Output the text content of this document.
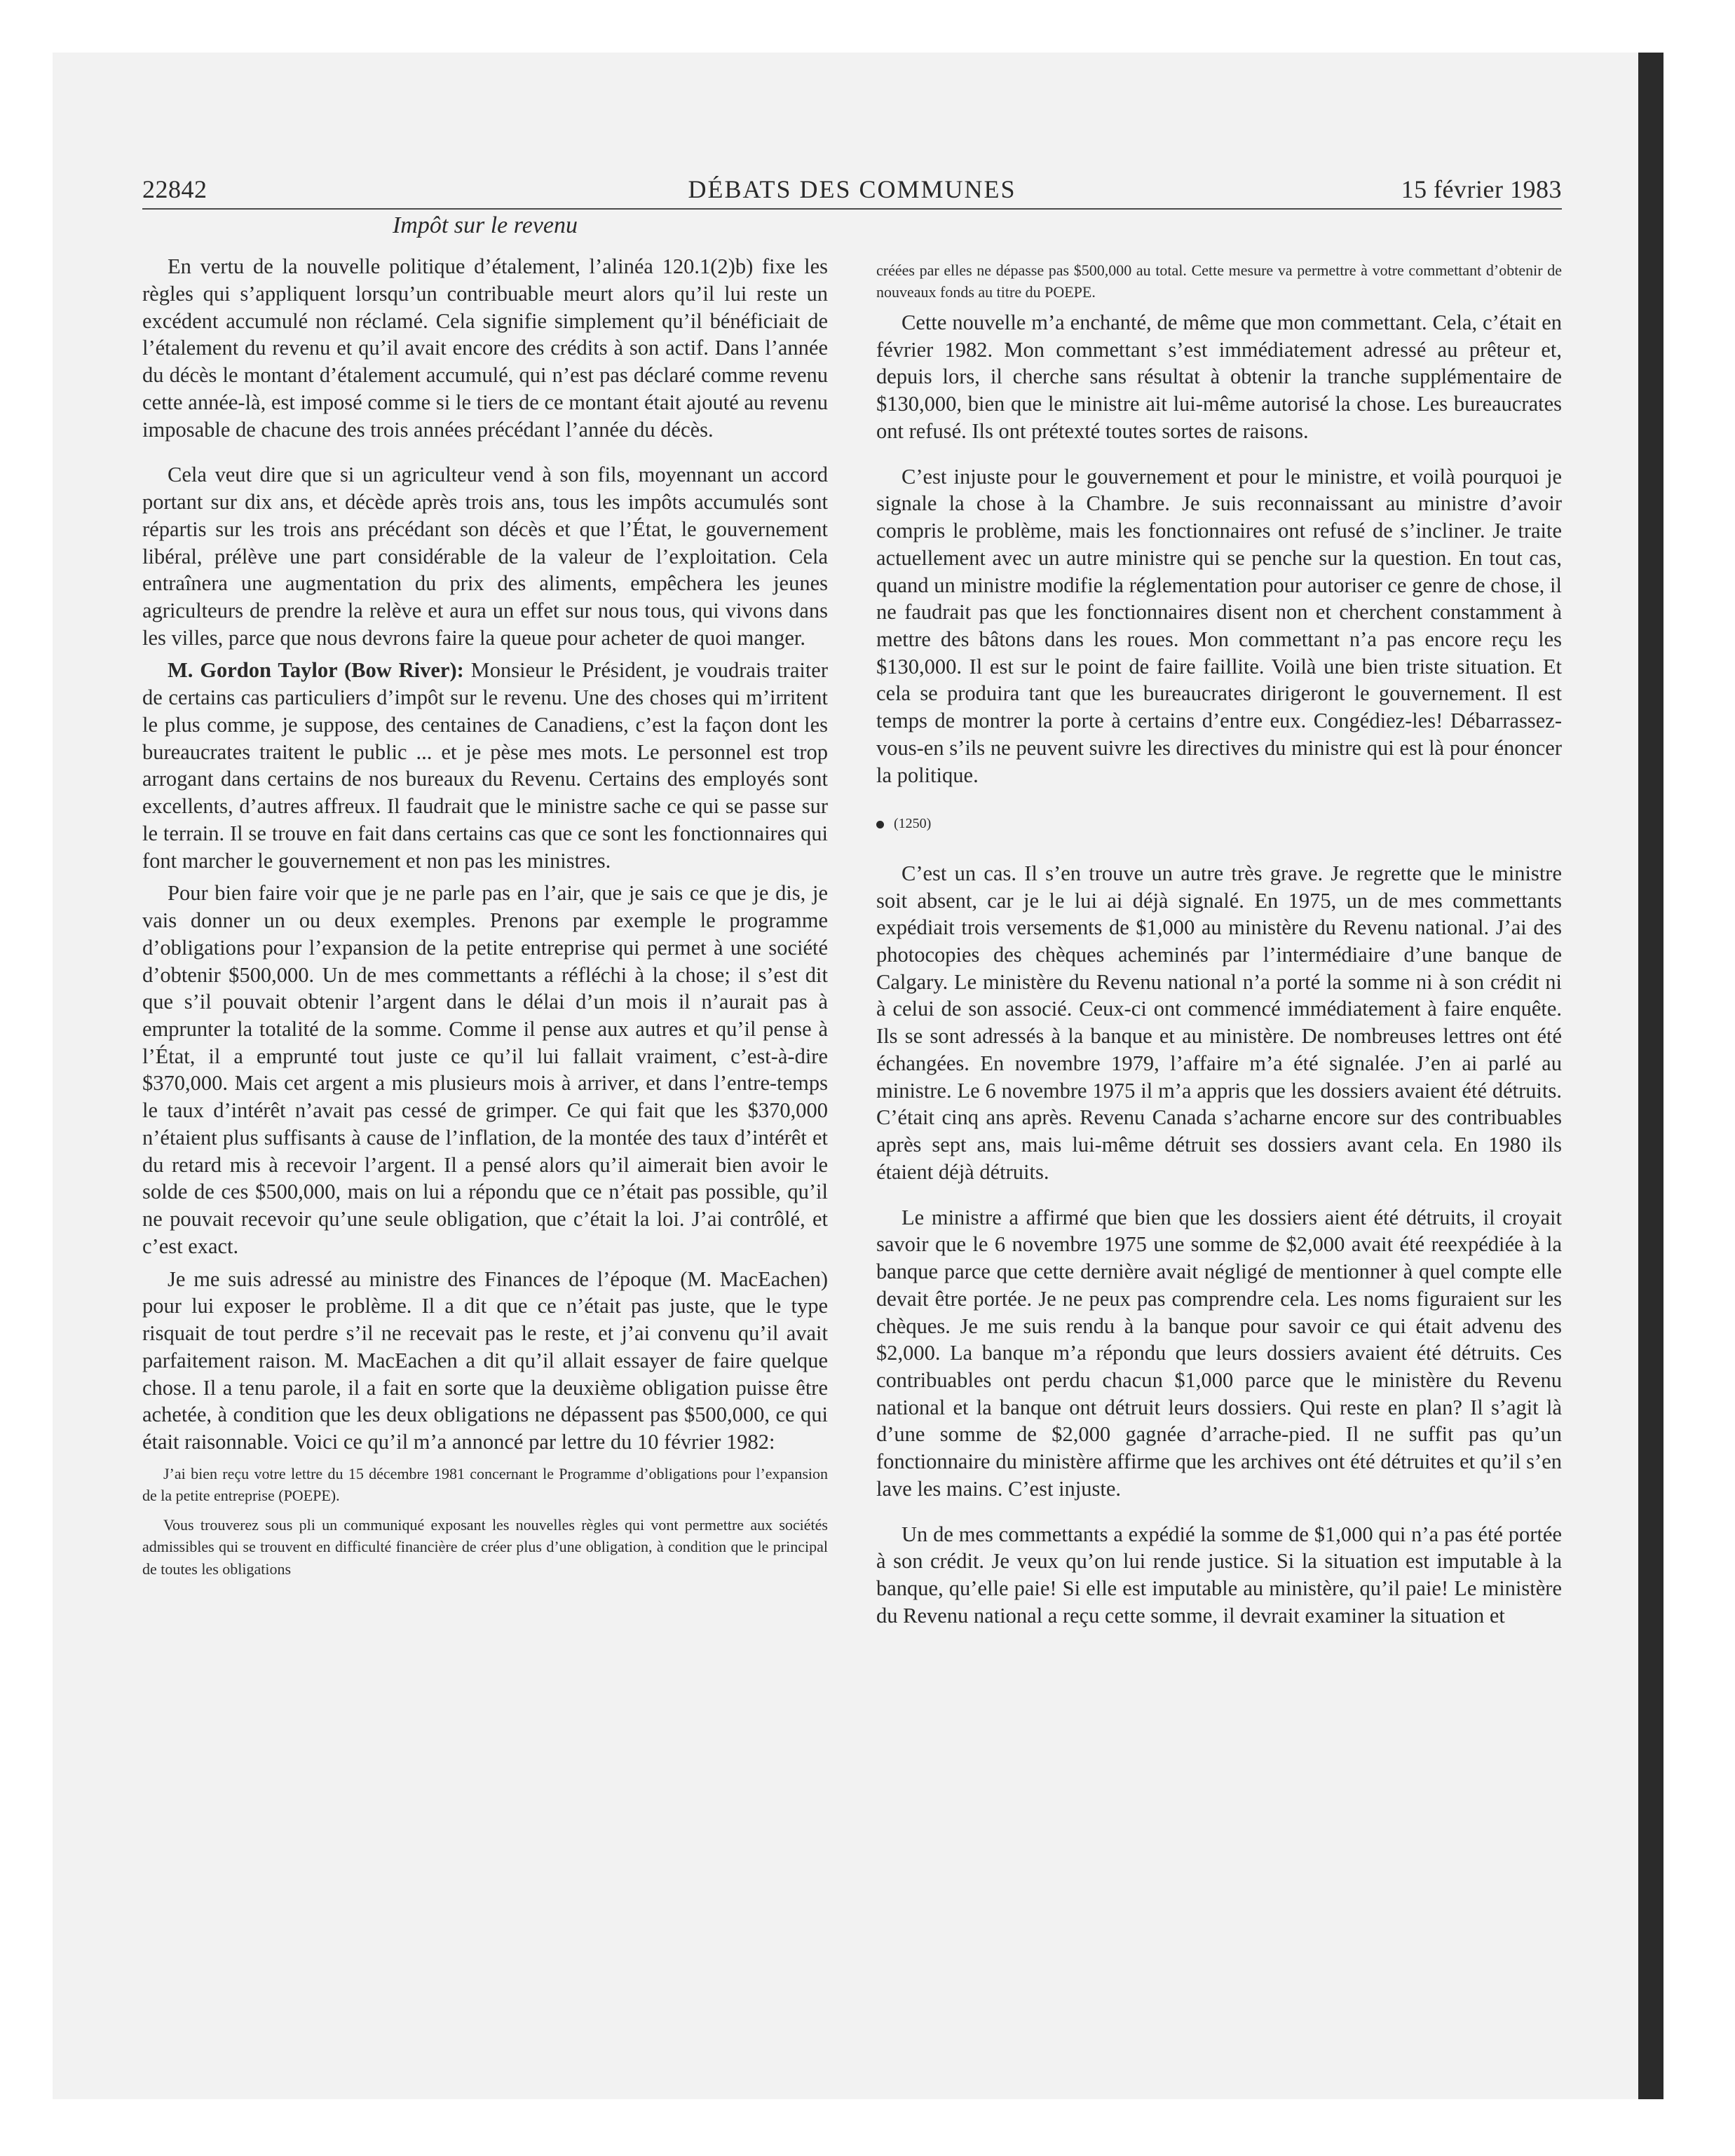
22842	DÉBATS DES COMMUNES	15 février 1983
Impôt sur le revenu

En vertu de la nouvelle politique d’étalement, l’alinéa 120.1(2)b) fixe les règles qui s’appliquent lorsqu’un contribuable meurt alors qu’il lui reste un excédent accumulé non réclamé. Cela signifie simplement qu’il bénéficiait de l’étalement du revenu et qu’il avait encore des crédits à son actif. Dans l’année du décès le montant d’étalement accumulé, qui n’est pas déclaré comme revenu cette année-là, est imposé comme si le tiers de ce montant était ajouté au revenu imposable de chacune des trois années précédant l’année du décès.

Cela veut dire que si un agriculteur vend à son fils, moyennant un accord portant sur dix ans, et décède après trois ans, tous les impôts accumulés sont répartis sur les trois ans précédant son décès et que l’État, le gouvernement libéral, prélève une part considérable de la valeur de l’exploitation. Cela entraînera une augmentation du prix des aliments, empêchera les jeunes agriculteurs de prendre la relève et aura un effet sur nous tous, qui vivons dans les villes, parce que nous devrons faire la queue pour acheter de quoi manger.

M. Gordon Taylor (Bow River): Monsieur le Président, je voudrais traiter de certains cas particuliers d’impôt sur le revenu. Une des choses qui m’irritent le plus comme, je suppose, des centaines de Canadiens, c’est la façon dont les bureaucrates traitent le public ... et je pèse mes mots. Le personnel est trop arrogant dans certains de nos bureaux du Revenu. Certains des employés sont excellents, d’autres affreux. Il faudrait que le ministre sache ce qui se passe sur le terrain. Il se trouve en fait dans certains cas que ce sont les fonctionnaires qui font marcher le gouvernement et non pas les ministres.

Pour bien faire voir que je ne parle pas en l’air, que je sais ce que je dis, je vais donner un ou deux exemples. Prenons par exemple le programme d’obligations pour l’expansion de la petite entreprise qui permet à une société d’obtenir $500,000. Un de mes commettants a réfléchi à la chose; il s’est dit que s’il pouvait obtenir l’argent dans le délai d’un mois il n’aurait pas à emprunter la totalité de la somme. Comme il pense aux autres et qu’il pense à l’État, il a emprunté tout juste ce qu’il lui fallait vraiment, c’est-à-dire $370,000. Mais cet argent a mis plusieurs mois à arriver, et dans l’entre-temps le taux d’intérêt n’avait pas cessé de grimper. Ce qui fait que les $370,000 n’étaient plus suffisants à cause de l’inflation, de la montée des taux d’intérêt et du retard mis à recevoir l’argent. Il a pensé alors qu’il aimerait bien avoir le solde de ces $500,000, mais on lui a répondu que ce n’était pas possible, qu’il ne pouvait recevoir qu’une seule obligation, que c’était la loi. J’ai contrôlé, et c’est exact.

Je me suis adressé au ministre des Finances de l’époque (M. MacEachen) pour lui exposer le problème. Il a dit que ce n’était pas juste, que le type risquait de tout perdre s’il ne recevait pas le reste, et j’ai convenu qu’il avait parfaitement raison. M. MacEachen a dit qu’il allait essayer de faire quelque chose. Il a tenu parole, il a fait en sorte que la deuxième obligation puisse être achetée, à condition que les deux obligations ne dépassent pas $500,000, ce qui était raisonnable. Voici ce qu’il m’a annoncé par lettre du 10 février 1982:

J’ai bien reçu votre lettre du 15 décembre 1981 concernant le Programme d’obligations pour l’expansion de la petite entreprise (POEPE).

Vous trouverez sous pli un communiqué exposant les nouvelles règles qui vont permettre aux sociétés admissibles qui se trouvent en difficulté financière de créer plus d’une obligation, à condition que le principal de toutes les obligations

créées par elles ne dépasse pas $500,000 au total. Cette mesure va permettre à votre commettant d’obtenir de nouveaux fonds au titre du POEPE.

Cette nouvelle m’a enchanté, de même que mon commettant. Cela, c’était en février 1982. Mon commettant s’est immédiatement adressé au prêteur et, depuis lors, il cherche sans résultat à obtenir la tranche supplémentaire de $130,000, bien que le ministre ait lui-même autorisé la chose. Les bureaucrates ont refusé. Ils ont prétexté toutes sortes de raisons.

C’est injuste pour le gouvernement et pour le ministre, et voilà pourquoi je signale la chose à la Chambre. Je suis reconnaissant au ministre d’avoir compris le problème, mais les fonctionnaires ont refusé de s’incliner. Je traite actuellement avec un autre ministre qui se penche sur la question. En tout cas, quand un ministre modifie la réglementation pour autoriser ce genre de chose, il ne faudrait pas que les fonctionnaires disent non et cherchent constamment à mettre des bâtons dans les roues. Mon commettant n’a pas encore reçu les $130,000. Il est sur le point de faire faillite. Voilà une bien triste situation. Et cela se produira tant que les bureaucrates dirigeront le gouvernement. Il est temps de montrer la porte à certains d’entre eux. Congédiez-les! Débarrassez-vous-en s’ils ne peuvent suivre les directives du ministre qui est là pour énoncer la politique.

(1250)

C’est un cas. Il s’en trouve un autre très grave. Je regrette que le ministre soit absent, car je le lui ai déjà signalé. En 1975, un de mes commettants expédiait trois versements de $1,000 au ministère du Revenu national. J’ai des photocopies des chèques acheminés par l’intermédiaire d’une banque de Calgary. Le ministère du Revenu national n’a porté la somme ni à son crédit ni à celui de son associé. Ceux-ci ont commencé immédiatement à faire enquête. Ils se sont adressés à la banque et au ministère. De nombreuses lettres ont été échangées. En novembre 1979, l’affaire m’a été signalée. J’en ai parlé au ministre. Le 6 novembre 1975 il m’a appris que les dossiers avaient été détruits. C’était cinq ans après. Revenu Canada s’acharne encore sur des contribuables après sept ans, mais lui-même détruit ses dossiers avant cela. En 1980 ils étaient déjà détruits.

Le ministre a affirmé que bien que les dossiers aient été détruits, il croyait savoir que le 6 novembre 1975 une somme de $2,000 avait été reexpédiée à la banque parce que cette dernière avait négligé de mentionner à quel compte elle devait être portée. Je ne peux pas comprendre cela. Les noms figuraient sur les chèques. Je me suis rendu à la banque pour savoir ce qui était advenu des $2,000. La banque m’a répondu que leurs dossiers avaient été détruits. Ces contribuables ont perdu chacun $1,000 parce que le ministère du Revenu national et la banque ont détruit leurs dossiers. Qui reste en plan? Il s’agit là d’une somme de $2,000 gagnée d’arrache-pied. Il ne suffit pas qu’un fonctionnaire du ministère affirme que les archives ont été détruites et qu’il s’en lave les mains. C’est injuste.

Un de mes commettants a expédié la somme de $1,000 qui n’a pas été portée à son crédit. Je veux qu’on lui rende justice. Si la situation est imputable à la banque, qu’elle paie! Si elle est imputable au ministère, qu’il paie! Le ministère du Revenu national a reçu cette somme, il devrait examiner la situation et
